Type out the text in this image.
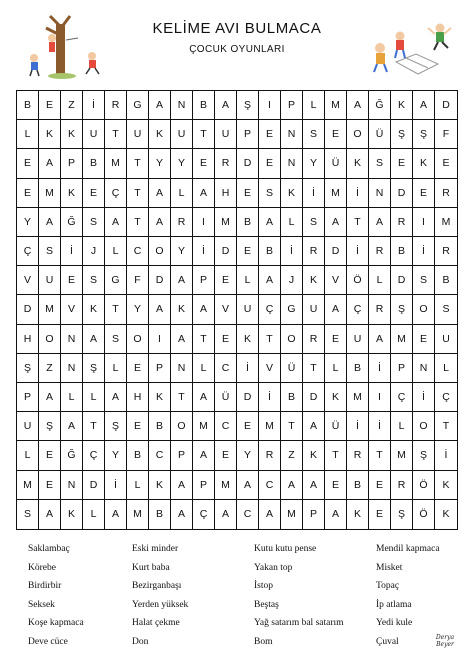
KELİME AVI BULMACA
ÇOCUK OYUNLARI
B	E	Z	İ	R	G	A	N	B	A	Ş	I	P	L	M	A	Ğ	K	A	D
L	K	K	U	T	U	K	U	T	U	P	E	N	S	E	O	Ü	Ş	Ş	F
E	A	P	B	M	T	Y	Y	E	R	D	E	N	Y	Ü	K	S	E	K	E
E	M	K	E	Ç	T	A	L	A	H	E	S	K	İ	M	İ	N	D	E	R
Y	A	Ğ	S	A	T	A	R	I	M	B	A	L	S	A	T	A	R	I	M
Ç	S	İ	J	L	C	O	Y	İ	D	E	B	İ	R	D	İ	R	B	İ	R
V	U	E	S	G	F	D	A	P	E	L	A	J	K	V	Ö	L	D	S	B
D	M	V	K	T	Y	A	K	A	V	U	Ç	G	U	A	Ç	R	Ş	O	S
H	O	N	A	S	O	I	A	T	E	K	T	O	R	E	U	A	M	E	U
Ş	Z	N	Ş	L	E	P	N	L	C	İ	V	Ü	T	L	B	İ	P	N	L
P	A	L	L	A	H	K	T	A	Ü	D	İ	B	D	K	M	I	Ç	İ	Ç
U	Ş	A	T	Ş	E	B	O	M	C	E	M	T	A	Ü	İ	İ	L	O	T
L	E	Ğ	Ç	Y	B	C	P	A	E	Y	R	Z	K	T	R	T	M	Ş	İ
M	E	N	D	İ	L	K	A	P	M	A	C	A	A	E	B	E	R	Ö	K
S	A	K	L	A	M	B	A	Ç	A	C	A	M	P	A	K	E	Ş	Ö	K
Saklambaç
Körebe
Birdirbir
Seksek
Koşe kapmaca
Deve cüce
Eski minder
Kurt baba
Bezirganbaşı
Yerden yüksek
Halat çekme
Don
Kutu kutu pense
Yakan top
İstop
Beştaş
Yağ satarım bal satarım
Bom
Mendil kapmaca
Misket
Topaç
İp atlama
Yedi kule
Çuval	Derya
Beyer
